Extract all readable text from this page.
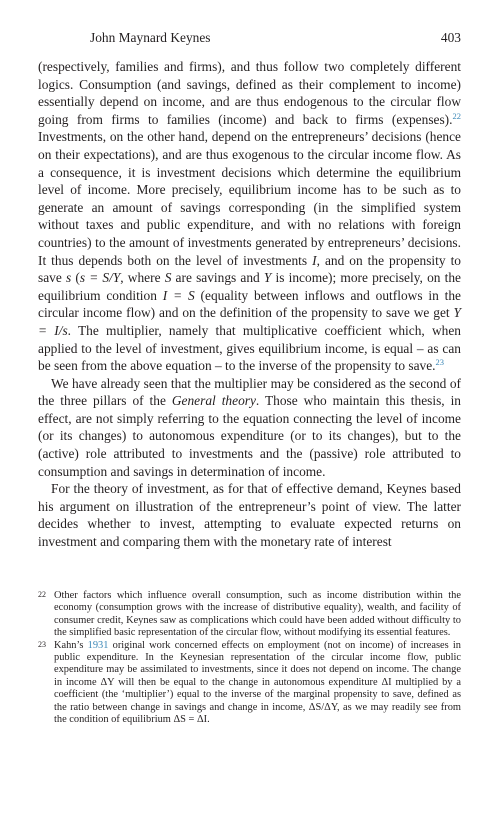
John Maynard Keynes	403

(respectively, families and firms), and thus follow two completely different logics. Consumption (and savings, defined as their complement to income) essentially depend on income, and are thus endogenous to the circular flow going from firms to families (income) and back to firms (expenses).$^{22}$ Investments, on the other hand, depend on the entrepreneurs’ decisions (hence on their expectations), and are thus exogenous to the circular income flow. As a consequence, it is investment decisions which determine the equilibrium level of income. More precisely, equilibrium income has to be such as to generate an amount of savings corresponding (in the simplified system without taxes and public expenditure, and with no relations with foreign countries) to the amount of investments generated by entrepreneurs’ decisions. It thus depends both on the level of investments I, and on the propensity to save s (s = S/Y, where S are savings and Y is income); more precisely, on the equilibrium condition I = S (equality between inflows and outflows in the circular income flow) and on the definition of the propensity to save we get Y = I/s. The multiplier, namely that multiplicative coefficient which, when applied to the level of investment, gives equilibrium income, is equal – as can be seen from the above equation – to the inverse of the propensity to save.$^{23}$

We have already seen that the multiplier may be considered as the second of the three pillars of the General theory. Those who maintain this thesis, in effect, are not simply referring to the equation connecting the level of income (or its changes) to autonomous expenditure (or to its changes), but to the (active) role attributed to investments and the (passive) role attributed to consumption and savings in determination of income.

For the theory of investment, as for that of effective demand, Keynes based his argument on illustration of the entrepreneur’s point of view. The latter decides whether to invest, attempting to evaluate expected returns on investment and comparing them with the monetary rate of interest

22 Other factors which influence overall consumption, such as income distribution within the economy (consumption grows with the increase of distributive equality), wealth, and facility of consumer credit, Keynes saw as complications which could have been added without difficulty to the simplified basic representation of the circular flow, without modifying its essential features.

23 Kahn’s 1931 original work concerned effects on employment (not on income) of increases in public expenditure. In the Keynesian representation of the circular income flow, public expenditure may be assimilated to investments, since it does not depend on income. The change in income ΔY will then be equal to the change in autonomous expenditure ΔI multiplied by a coefficient (the ‘multiplier’) equal to the inverse of the marginal propensity to save, defined as the ratio between change in savings and change in income, ΔS/ΔY, as we may readily see from the condition of equilibrium ΔS = ΔI.
